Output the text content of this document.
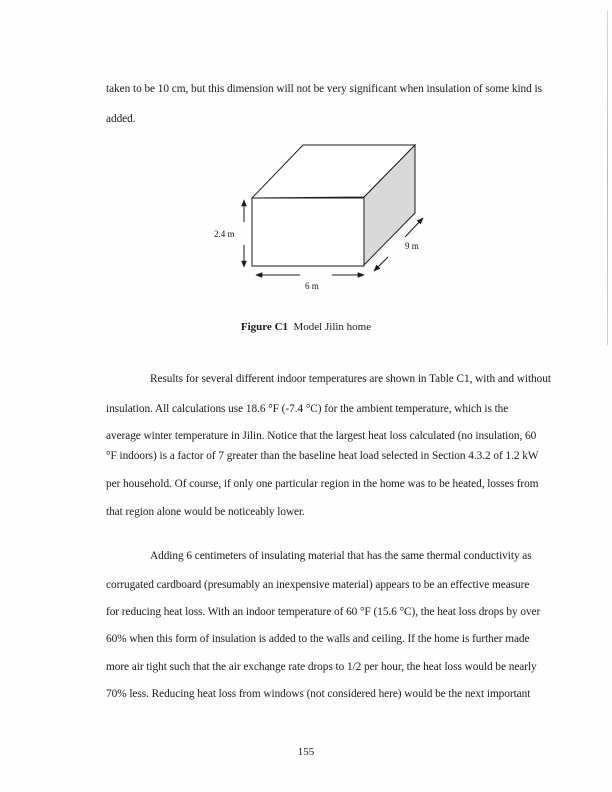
taken to be 10 cm, but this dimension will not be very significant when insulation of some kind is
added.
2.4 m
6 m
9 m
Figure C1 Model Jilin home
Results for several different indoor temperatures are shown in Table C1, with and without
insulation. All calculations use 18.6 °F (-7.4 °C) for the ambient temperature, which is the
average winter temperature in Jilin. Notice that the largest heat loss calculated (no insulation, 60
°F indoors) is a factor of 7 greater than the baseline heat load selected in Section 4.3.2 of 1.2 kW
per household. Of course, if only one particular region in the home was to be heated, losses from
that region alone would be noticeably lower.
Adding 6 centimeters of insulating material that has the same thermal conductivity as
corrugated cardboard (presumably an inexpensive material) appears to be an effective measure
for reducing heat loss. With an indoor temperature of 60 °F (15.6 °C), the heat loss drops by over
60% when this form of insulation is added to the walls and ceiling. If the home is further made
more air tight such that the air exchange rate drops to 1/2 per hour, the heat loss would be nearly
70% less. Reducing heat loss from windows (not considered here) would be the next important
155
